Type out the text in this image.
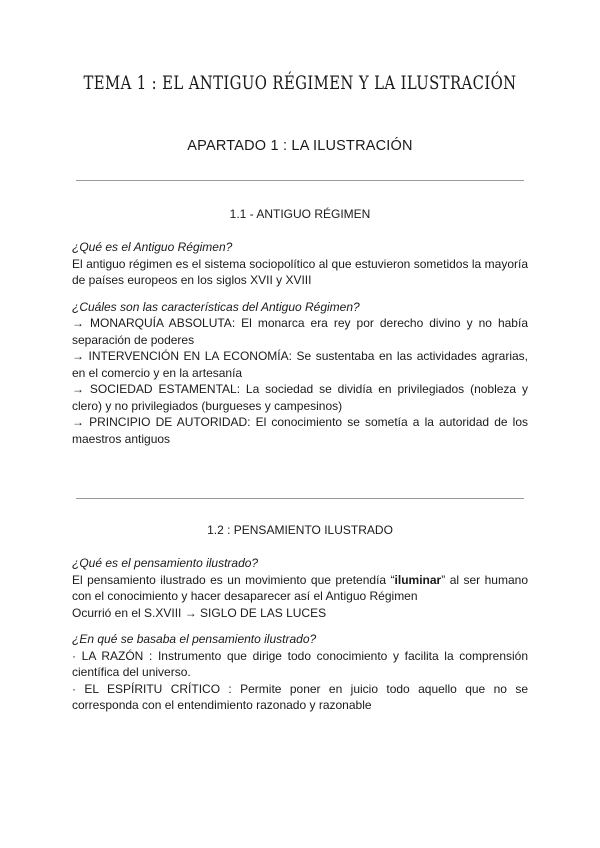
TEMA 1 : EL ANTIGUO RÉGIMEN Y LA ILUSTRACIÓN
APARTADO 1 : LA ILUSTRACIÓN
1.1 - ANTIGUO RÉGIMEN
¿Qué es el Antiguo Régimen?
El antiguo régimen es el sistema sociopolítico al que estuvieron sometidos la mayoría de países europeos en los siglos XVII y XVIII
¿Cuáles son las características del Antiguo Régimen?
→ MONARQUÍA ABSOLUTA: El monarca era rey por derecho divino y no había separación de poderes
→ INTERVENCIÓN EN LA ECONOMÍA: Se sustentaba en las actividades agrarias, en el comercio y en la artesanía
→ SOCIEDAD ESTAMENTAL: La sociedad se dividía en privilegiados (nobleza y clero) y no privilegiados (burgueses y campesinos)
→ PRINCIPIO DE AUTORIDAD: El conocimiento se sometía a la autoridad de los maestros antiguos
1.2 : PENSAMIENTO ILUSTRADO
¿Qué es el pensamiento ilustrado?
El pensamiento ilustrado es un movimiento que pretendía “iluminar” al ser humano con el conocimiento y hacer desaparecer así el Antiguo Régimen
Ocurrió en el S.XVIII → SIGLO DE LAS LUCES
¿En qué se basaba el pensamiento ilustrado?
· LA RAZÓN : Instrumento que dirige todo conocimiento y facilita la comprensión científica del universo.
· EL ESPÍRITU CRÍTICO : Permite poner en juicio todo aquello que no se corresponda con el entendimiento razonado y razonable
